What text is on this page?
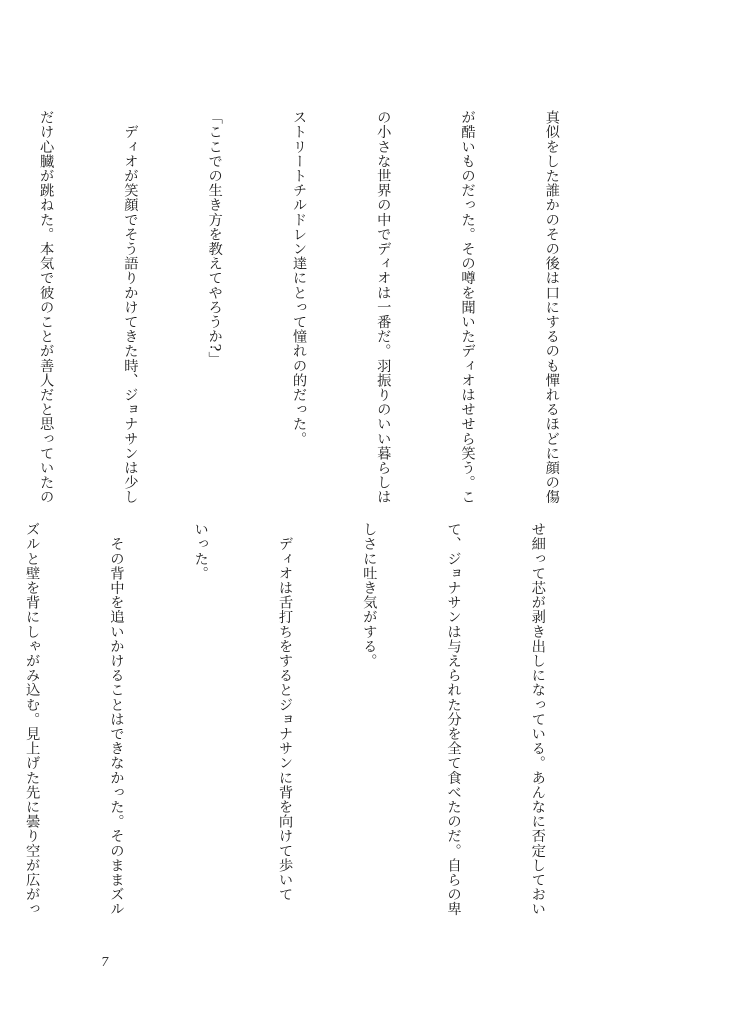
真似をした誰かのその後は口にするのも憚れるほどに顔の傷

が酷いものだった。その噂を聞いたディオはせせら笑う。こ

の小さな世界の中でディオは一番だ。羽振りのいい暮らしは

ストリートチルドレン達にとって憧れの的だった。

「ここでの生き方を教えてやろうか?」

　ディオが笑顔でそう語りかけてきた時、ジョナサンは少し

だけ心臓が跳ねた。本気で彼のことが善人だと思っていたの

せ細って芯が剥き出しになっている。あんなに否定しておい

て、ジョナサンは与えられた分を全て食べたのだ。自らの卑

しさに吐き気がする。

　ディオは舌打ちをするとジョナサンに背を向けて歩いて

いった。

　その背中を追いかけることはできなかった。そのままズル

ズルと壁を背にしゃがみ込む。見上げた先に曇り空が広がっ

7
